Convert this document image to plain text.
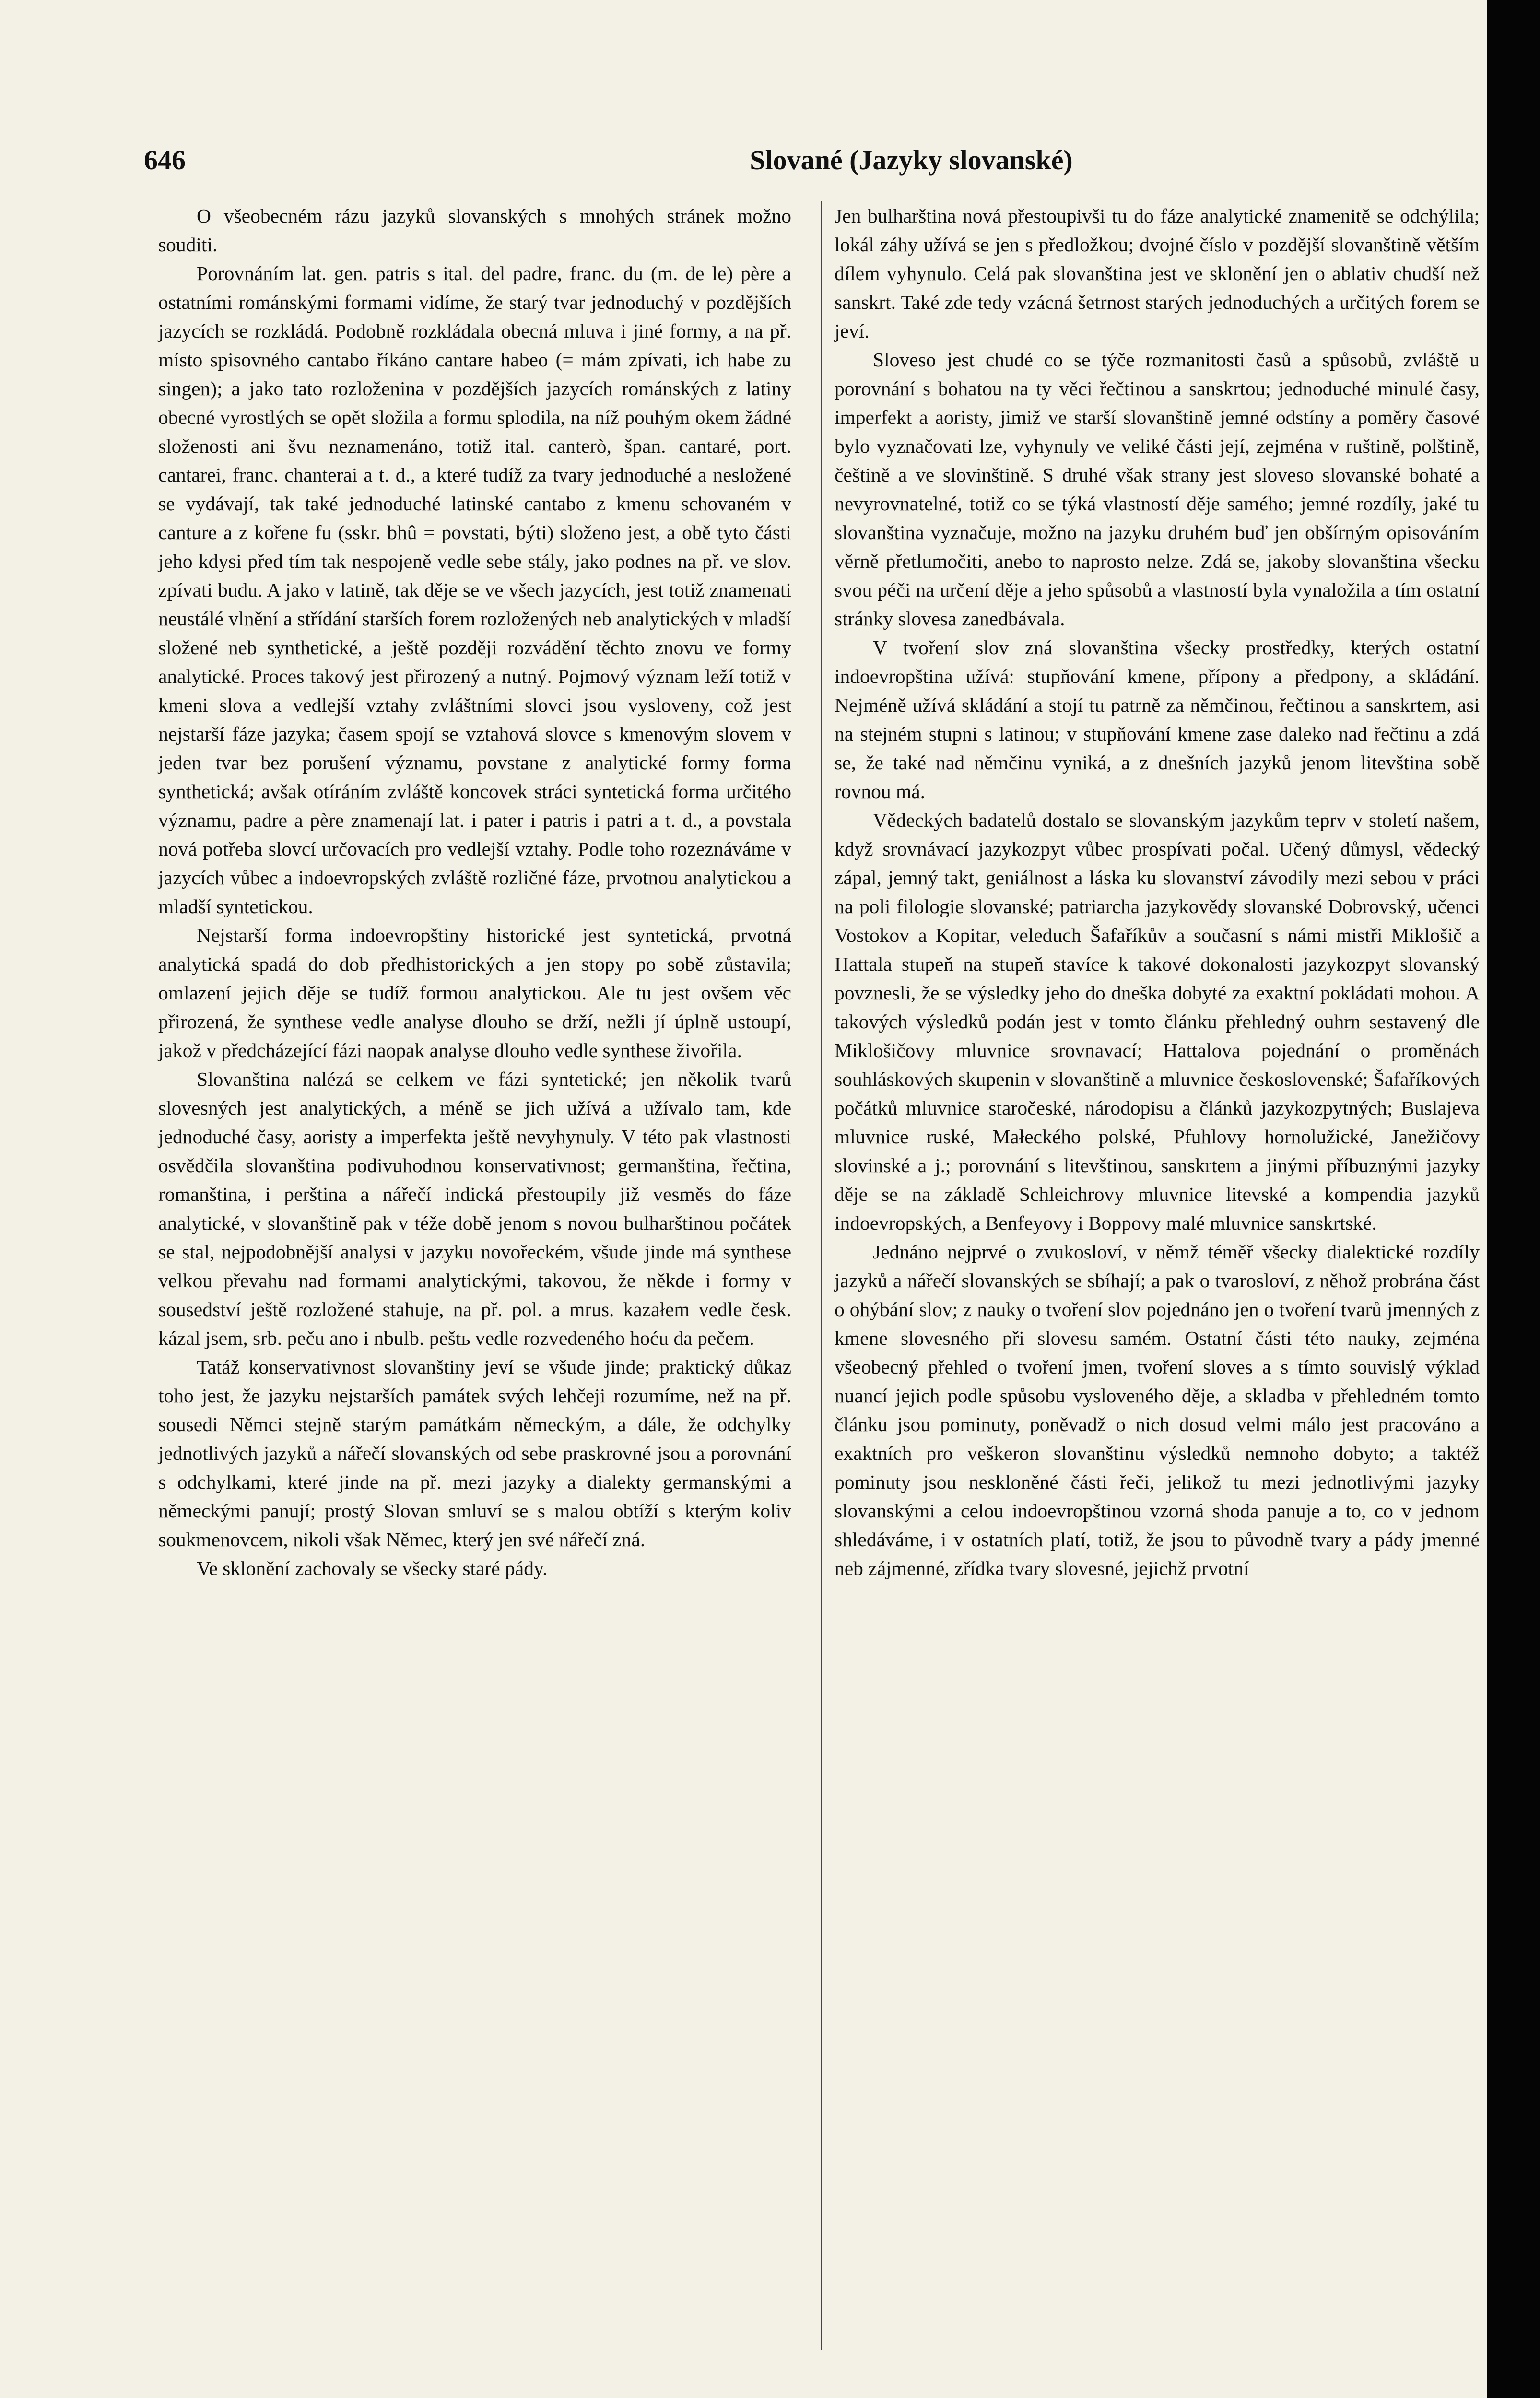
646	Slované (Jazyky slovanské)

O všeobecném rázu jazyků slovanských s mnohých stránek možno souditi.

Porovnáním lat. gen. patris s ital. del padre, franc. du (m. de le) père a ostatními románskými formami vidíme, že starý tvar jednoduchý v pozdějších jazycích se rozkládá. Podobně rozkládala obecná mluva i jiné formy, a na př. místo spisovného cantabo říkáno cantare habeo (= mám zpívati, ich habe zu singen); a jako tato rozloženina v pozdějších jazycích románských z latiny obecné vyrostlých se opět složila a formu splodila, na níž pouhým okem žádné složenosti ani švu neznamenáno, totiž ital. canterò, špan. cantaré, port. cantarei, franc. chanterai a t. d., a které tudíž za tvary jednoduché a nesložené se vydávají, tak také jednoduché latinské cantabo z kmenu schovaném v canture a z kořene fu (sskr. bhû = povstati, býti) složeno jest, a obě tyto části jeho kdysi před tím tak nespojeně vedle sebe stály, jako podnes na př. ve slov. zpívati budu. A jako v latině, tak děje se ve všech jazycích, jest totiž znamenati neustálé vlnění a střídání starších forem rozložených neb analytických v mladší složené neb synthetické, a ještě později rozvádění těchto znovu ve formy analytické. Proces takový jest přirozený a nutný. Pojmový význam leží totiž v kmeni slova a vedlejší vztahy zvláštními slovci jsou vysloveny, což jest nejstarší fáze jazyka; časem spojí se vztahová slovce s kmenovým slovem v jeden tvar bez porušení významu, povstane z analytické formy forma synthetická; avšak otíráním zvláště koncovek stráci syntetická forma určitého významu, padre a père znamenají lat. i pater i patris i patri a t. d., a povstala nová potřeba slovcí určovacích pro vedlejší vztahy. Podle toho rozeznáváme v jazycích vůbec a indoevropských zvláště rozličné fáze, prvotnou analytickou a mladší syntetickou.

Nejstarší forma indoevropštiny historické jest syntetická, prvotná analytická spadá do dob předhistorických a jen stopy po sobě zůstavila; omlazení jejich děje se tudíž formou analytickou. Ale tu jest ovšem věc přirozená, že synthese vedle analyse dlouho se drží, nežli jí úplně ustoupí, jakož v předcházející fázi naopak analyse dlouho vedle synthese živořila.

Slovanština nalézá se celkem ve fázi syntetické; jen několik tvarů slovesných jest analytických, a méně se jich užívá a užívalo tam, kde jednoduché časy, aoristy a imperfekta ještě nevyhynuly. V této pak vlastnosti osvědčila slovanština podivuhodnou konservativnost; germanština, řečtina, romanština, i perština a nářečí indická přestoupily již vesměs do fáze analytické, v slovanštině pak v téže době jenom s novou bulharštinou počátek se stal, nejpodobnější analysi v jazyku novořeckém, všude jinde má synthese velkou převahu nad formami analytickými, takovou, že někde i formy v sousedství ještě rozložené stahuje, na př. pol. a mrus. kazałem vedle česk. kázal jsem, srb. peču ano i nbulb. peštь vedle rozvedeného hoću da pečem.

Tatáž konservativnost slovanštiny jeví se všude jinde; praktický důkaz toho jest, že jazyku nejstarších památek svých lehčeji rozumíme, než na př. sousedi Němci stejně starým památkám německým, a dále, že odchylky jednotlivých jazyků a nářečí slovanských od sebe praskrovné jsou a porovnání s odchylkami, které jinde na př. mezi jazyky a dialekty germanskými a německými panují; prostý Slovan smluví se s malou obtíží s kterým koliv soukmenovcem, nikoli však Němec, který jen své nářečí zná.

Ve sklonění zachovaly se všecky staré pády.

Jen bulharština nová přestoupivši tu do fáze analytické znamenitě se odchýlila; lokál záhy užívá se jen s předložkou; dvojné číslo v pozdější slovanštině větším dílem vyhynulo. Celá pak slovanština jest ve sklonění jen o ablativ chudší než sanskrt. Také zde tedy vzácná šetrnost starých jednoduchých a určitých forem se jeví.

Sloveso jest chudé co se týče rozmanitosti časů a spůsobů, zvláště u porovnání s bohatou na ty věci řečtinou a sanskrtou; jednoduché minulé časy, imperfekt a aoristy, jimiž ve starší slovanštině jemné odstíny a poměry časové bylo vyznačovati lze, vyhynuly ve veliké části její, zejména v ruštině, polštině, češtině a ve slovinštině. S druhé však strany jest sloveso slovanské bohaté a nevyrovnatelné, totiž co se týká vlastností děje samého; jemné rozdíly, jaké tu slovanština vyznačuje, možno na jazyku druhém buď jen obšírným opisováním věrně přetlumočiti, anebo to naprosto nelze. Zdá se, jakoby slovanština všecku svou péči na určení děje a jeho spůsobů a vlastností byla vynaložila a tím ostatní stránky slovesa zanedbávala.

V tvoření slov zná slovanština všecky prostředky, kterých ostatní indoevropština užívá: stupňování kmene, přípony a předpony, a skládání. Nejméně užívá skládání a stojí tu patrně za němčinou, řečtinou a sanskrtem, asi na stejném stupni s latinou; v stupňování kmene zase daleko nad řečtinu a zdá se, že také nad němčinu vyniká, a z dnešních jazyků jenom litevština sobě rovnou má.

Vědeckých badatelů dostalo se slovanským jazykům teprv v století našem, když srovnávací jazykozpyt vůbec prospívati počal. Učený důmysl, vědecký zápal, jemný takt, geniálnost a láska ku slovanství závodily mezi sebou v práci na poli filologie slovanské; patriarcha jazykovědy slovanské Dobrovský, učenci Vostokov a Kopitar, veleduch Šafaříkův a současní s námi mistři Miklošič a Hattala stupeň na stupeň stavíce k takové dokonalosti jazykozpyt slovanský povznesli, že se výsledky jeho do dneška dobyté za exaktní pokládati mohou. A takových výsledků podán jest v tomto článku přehledný ouhrn sestavený dle Miklošičovy mluvnice srovnavací; Hattalova pojednání o proměnách souhláskových skupenin v slovanštině a mluvnice československé; Šafaříkových počátků mluvnice staročeské, národopisu a článků jazykozpytných; Buslajeva mluvnice ruské, Małeckého polské, Pfuhlovy hornolužické, Janežičovy slovinské a j.; porovnání s litevštinou, sanskrtem a jinými příbuznými jazyky děje se na základě Schleichrovy mluvnice litevské a kompendia jazyků indoevropských, a Benfeyovy i Boppovy malé mluvnice sanskrtské.

Jednáno nejprvé o zvukosloví, v němž téměř všecky dialektické rozdíly jazyků a nářečí slovanských se sbíhají; a pak o tvarosloví, z něhož probrána část o ohýbání slov; z nauky o tvoření slov pojednáno jen o tvoření tvarů jmenných z kmene slovesného při slovesu samém. Ostatní části této nauky, zejména všeobecný přehled o tvoření jmen, tvoření sloves a s tímto souvislý výklad nuancí jejich podle spůsobu vysloveného děje, a skladba v přehledném tomto článku jsou pominuty, poněvadž o nich dosud velmi málo jest pracováno a exaktních pro veškeron slovanštinu výsledků nemnoho dobyto; a taktéž pominuty jsou neskloněné části řeči, jelikož tu mezi jednotlivými jazyky slovanskými a celou indoevropštinou vzorná shoda panuje a to, co v jednom shledáváme, i v ostatních platí, totiž, že jsou to původně tvary a pády jmenné neb zájmenné, zřídka tvary slovesné, jejichž prvotní
